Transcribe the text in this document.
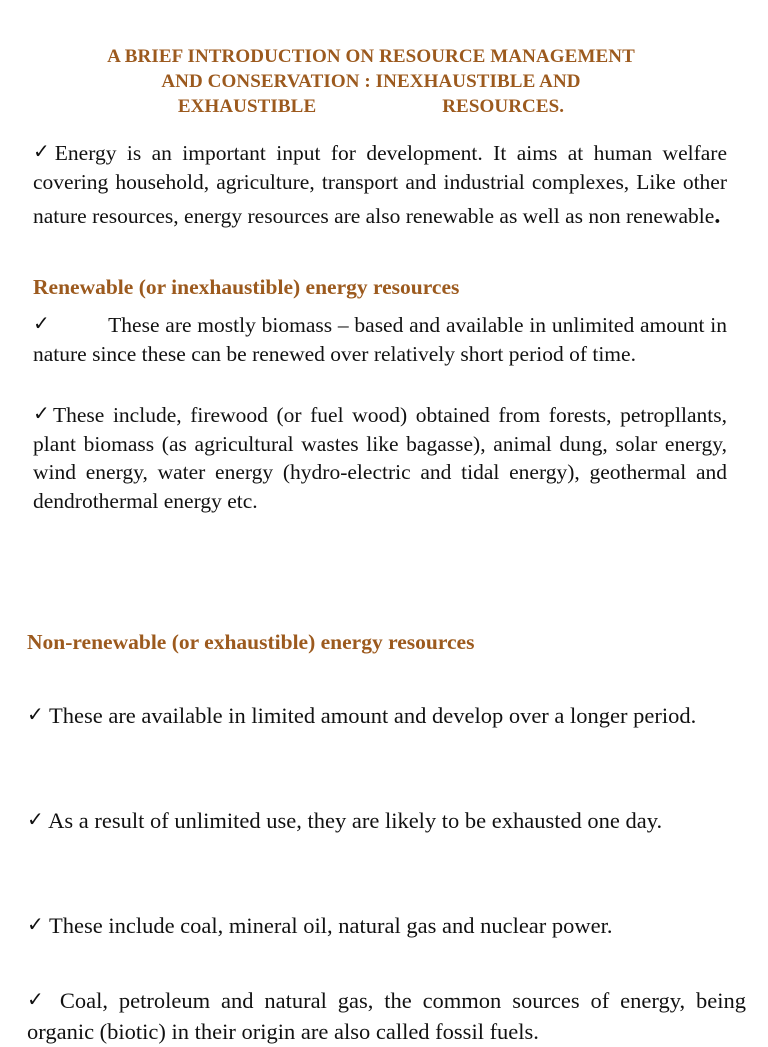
A BRIEF INTRODUCTION ON RESOURCE MANAGEMENT
AND CONSERVATION : INEXHAUSTIBLE AND
EXHAUSTIBLE	RESOURCES.
✓Energy is an important input for development. It aims at human welfare covering household, agriculture, transport and industrial complexes, Like other nature resources, energy resources are also renewable as well as non renewable.
Renewable (or inexhaustible) energy resources
✓	These are mostly biomass – based and available in unlimited amount in nature since these can be renewed over relatively short period of time.
✓These include, firewood (or fuel wood) obtained from forests, petropllants, plant biomass (as agricultural wastes like bagasse), animal dung, solar energy, wind energy, water energy (hydro-electric and tidal energy), geothermal and dendrothermal energy etc.
Non-renewable (or exhaustible) energy resources
✓ These are available in limited amount and develop over a longer period.
✓ As a result of unlimited use, they are likely to be exhausted one day.
✓ These include coal, mineral oil, natural gas and nuclear power.
✓ Coal, petroleum and natural gas, the common sources of energy, being organic (biotic) in their origin are also called fossil fuels.
